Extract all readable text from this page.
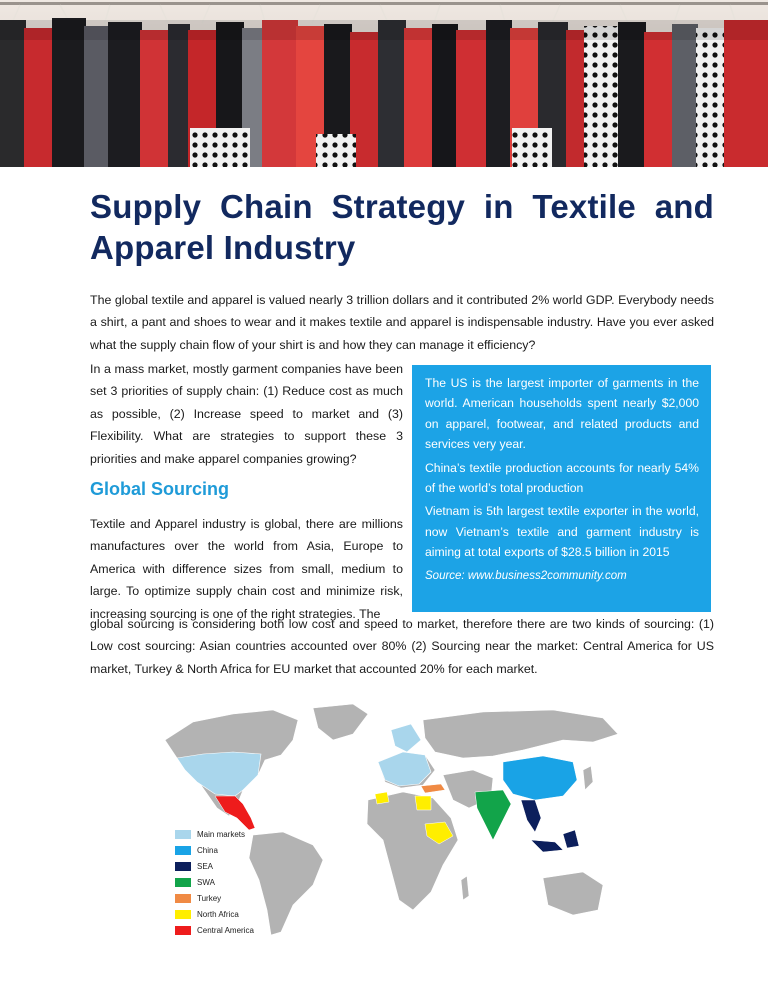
Supply Chain Strategy in Textile and Apparel Industry

The global textile and apparel is valued nearly 3 trillion dollars and it contributed 2% world GDP. Everybody needs a shirt, a pant and shoes to wear and it makes textile and apparel is indispensable industry. Have you ever asked what the supply chain flow of your shirt is and how they can manage it efficiency?

In a mass market, mostly garment companies have been set 3 priorities of supply chain: (1) Reduce cost as much as possible, (2) Increase speed to market and (3) Flexibility. What are strategies to support these 3 priorities and make apparel companies growing?

Global Sourcing

Textile and Apparel industry is global, there are millions manufactures over the world from Asia, Europe to America with difference sizes from small, medium to large. To optimize supply chain cost and minimize risk, increasing sourcing is one of the right strategies. The

global sourcing is considering both low cost and speed to market, therefore there are two kinds of sourcing: (1) Low cost sourcing: Asian countries accounted over 80% (2) Sourcing near the market: Central America for US market, Turkey & North Africa for EU market that accounted 20% for each market.

The US is the largest importer of garments in the world. American households spent nearly $2,000 on apparel, footwear, and related products and services very year.

China’s textile production accounts for nearly 54% of the world’s total production

Vietnam is 5th largest textile exporter in the world, now Vietnam’s textile and garment industry is aiming at total exports of $28.5 billion in 2015

Source: www.business2community.com

Main markets
China
SEA
SWA
Turkey
North Africa
Central America
